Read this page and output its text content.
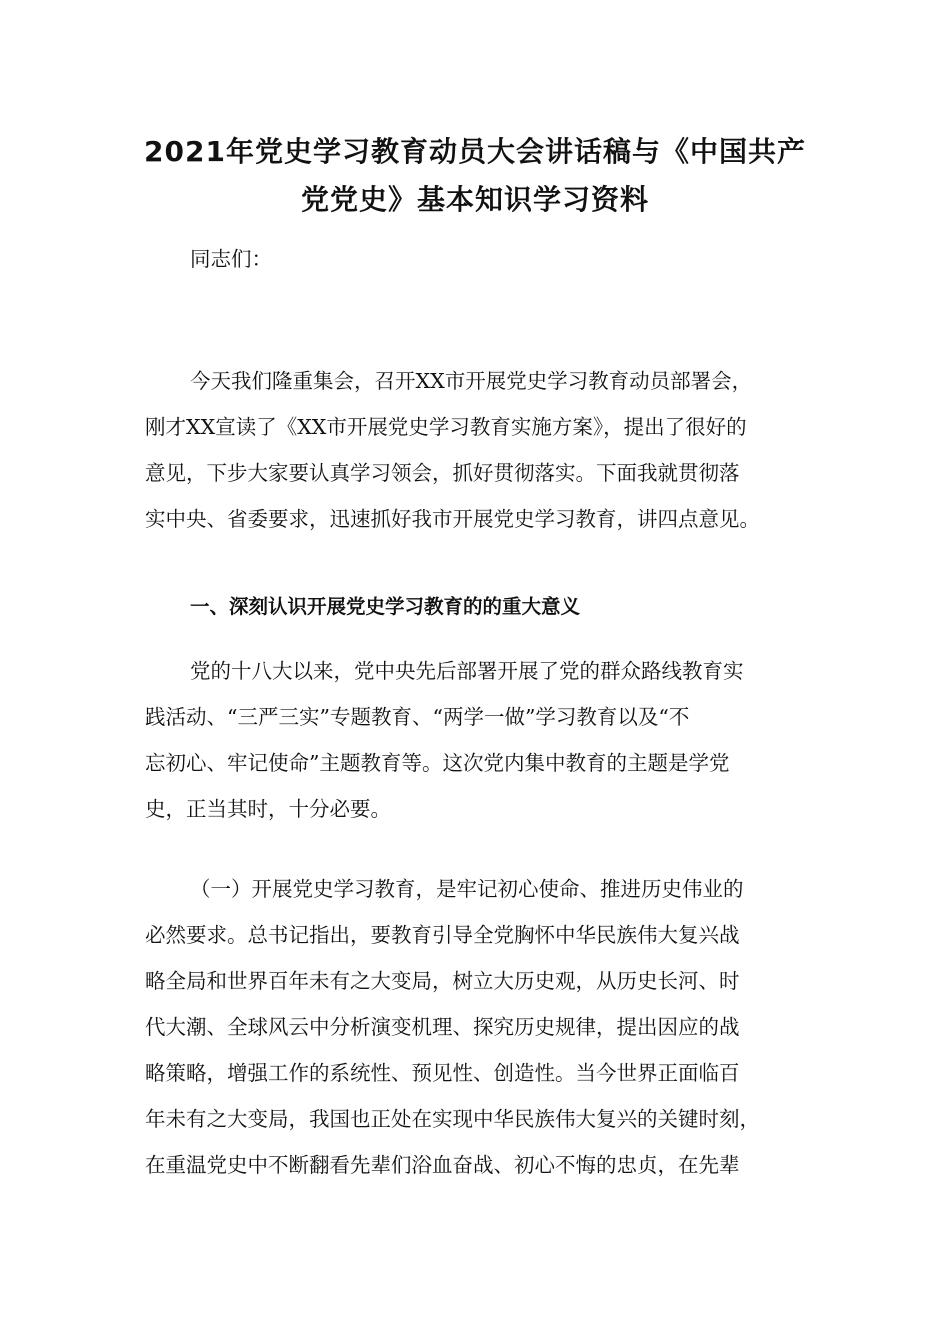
2021年党史学习教育动员大会讲话稿与《中国共产
党党史》基本知识学习资料

同志们：

今天我们隆重集会，召开XX市开展党史学习教育动员部署会，
刚才XX宣读了《XX市开展党史学习教育实施方案》，提出了很好的
意见，下步大家要认真学习领会，抓好贯彻落实。下面我就贯彻落
实中央、省委要求，迅速抓好我市开展党史学习教育，讲四点意见。

一、深刻认识开展党史学习教育的的重大意义

党的十八大以来，党中央先后部署开展了党的群众路线教育实
践活动、“三严三实”专题教育、“两学一做”学习教育以及“不
忘初心、牢记使命”主题教育等。这次党内集中教育的主题是学党
史，正当其时，十分必要。

（一）开展党史学习教育，是牢记初心使命、推进历史伟业的
必然要求。总书记指出，要教育引导全党胸怀中华民族伟大复兴战
略全局和世界百年未有之大变局，树立大历史观，从历史长河、时
代大潮、全球风云中分析演变机理、探究历史规律，提出因应的战
略策略，增强工作的系统性、预见性、创造性。当今世界正面临百
年未有之大变局，我国也正处在实现中华民族伟大复兴的关键时刻，
在重温党史中不断翻看先辈们浴血奋战、初心不悔的忠贞，在先辈
